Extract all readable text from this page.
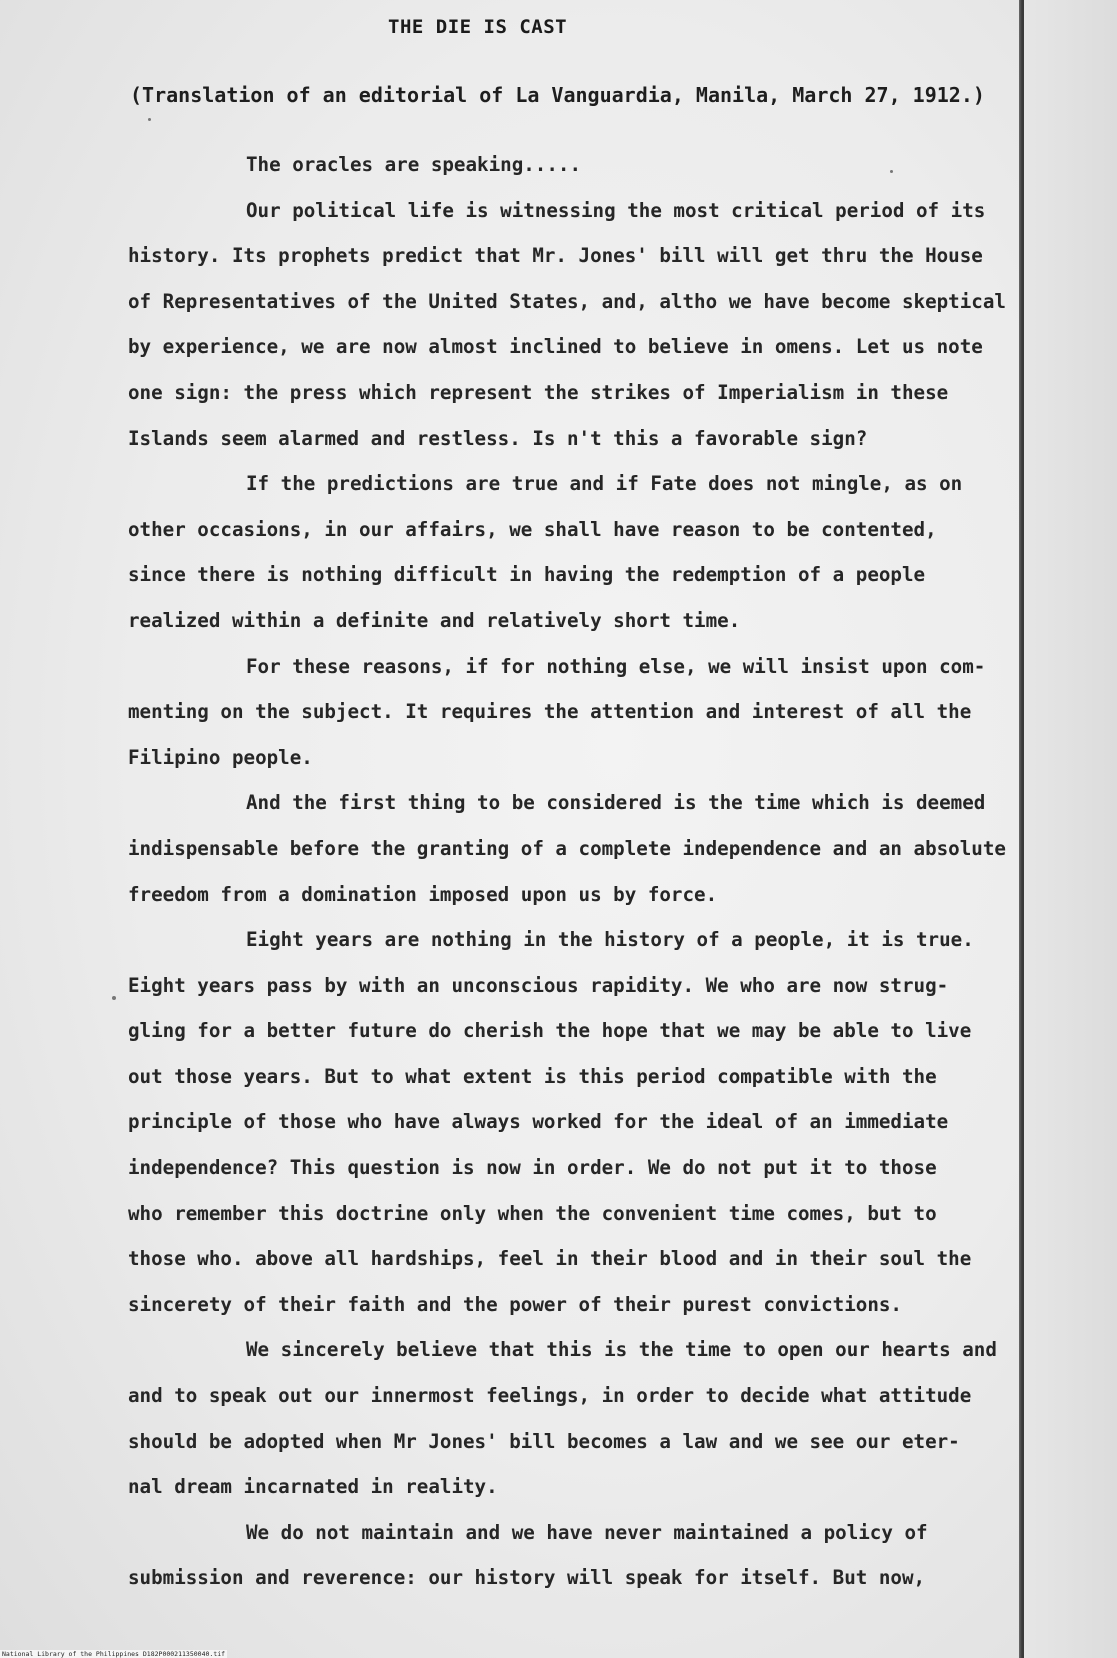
THE DIE IS CAST
(Translation of an editorial of La Vanguardia, Manila, March 27, 1912.)
The oracles are speaking.....
Our political life is witnessing the most critical period of its
history. Its prophets predict that Mr. Jones' bill will get thru the House
of Representatives of the United States, and, altho we have become skeptical
by experience, we are now almost inclined to believe in omens. Let us note
one sign: the press which represent the strikes of Imperialism in these
Islands seem alarmed and restless. Is n't this a favorable sign?
If the predictions are true and if Fate does not mingle, as on
other occasions, in our affairs, we shall have reason to be contented,
since there is nothing difficult in having the redemption of a people
realized within a definite and relatively short time.
For these reasons, if for nothing else, we will insist upon com-
menting on the subject. It requires the attention and interest of all the
Filipino people.
And the first thing to be considered is the time which is deemed
indispensable before the granting of a complete independence and an absolute
freedom from a domination imposed upon us by force.
Eight years are nothing in the history of a people, it is true.
Eight years pass by with an unconscious rapidity. We who are now strug-
gling for a better future do cherish the hope that we may be able to live
out those years. But to what extent is this period compatible with the
principle of those who have always worked for the ideal of an immediate
independence? This question is now in order. We do not put it to those
who remember this doctrine only when the convenient time comes, but to
those who. above all hardships, feel in their blood and in their soul the
sincerety of their faith and the power of their purest convictions.
We sincerely believe that this is the time to open our hearts and
and to speak out our innermost feelings, in order to decide what attitude
should be adopted when Mr Jones' bill becomes a law and we see our eter-
nal dream incarnated in reality.
We do not maintain and we have never maintained a policy of
submission and reverence: our history will speak for itself. But now,
National Library of the Philippines D182P000211350040.tif
